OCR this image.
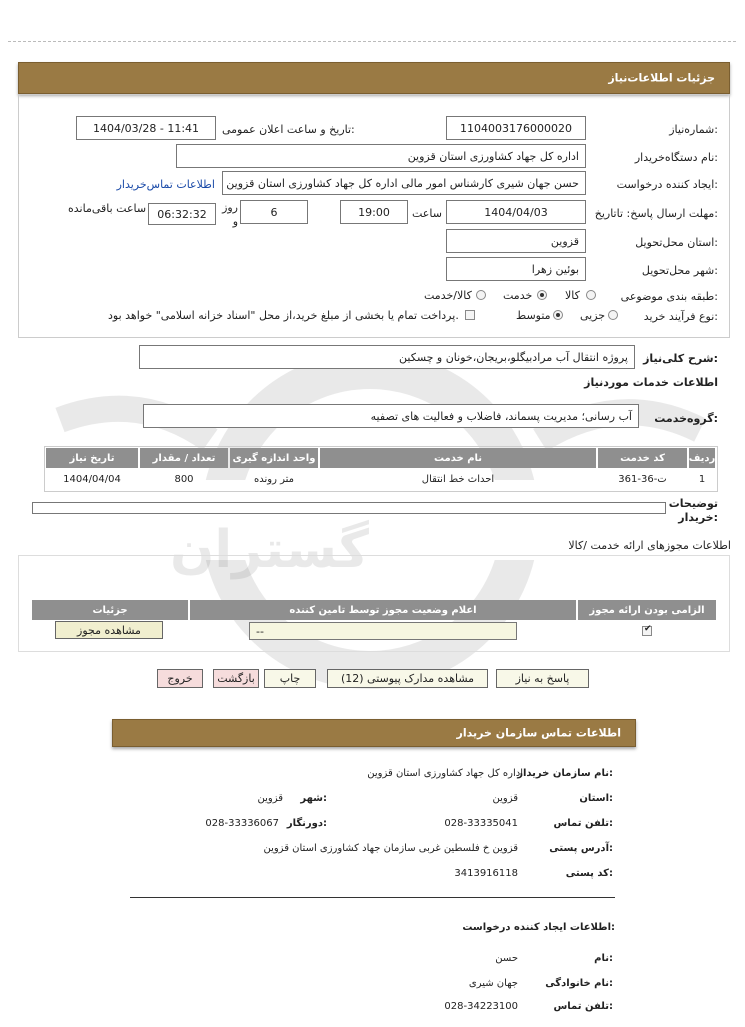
جزئیات اطلاعات‌نیاز
گستران
شماره‌نیاز:
1104003176000020
تاریخ و ساعت اعلان عمومی:
1404/03/28 - 11:41
نام دستگاه‌خریدار:
اداره کل جهاد کشاورزی استان قزوین
ایجاد کننده درخواست:
حسن جهان شیری کارشناس امور مالی اداره کل جهاد کشاورزی استان قزوین
اطلاعات تماس‌خریدار
مهلت ارسال پاسخ: تاتاریخ:
1404/04/03
ساعت
19:00
6
روز و
06:32:32
ساعت باقی‌مانده
استان محل‌تحویل:
قزوین
شهر محل‌تحویل:
بوئین زهرا
طبقه بندی موضوعی:
کالا
خدمت
کالا/خدمت
نوع فرآیند خرید:
جزیی
متوسط
پرداخت تمام یا بخشی از مبلغ خرید،از محل "اسناد خزانه اسلامی" خواهد بود.
شرح کلی‌نیاز:
پروژه انتقال آب مرادبیگلو،بریجان،خونان و چسکین
اطلاعات خدمات موردنیاز
گروه‌خدمت:
آب رسانی؛ مدیریت پسماند، فاضلاب و فعالیت های تصفیه
ردیف
کد خدمت
نام خدمت
واحد اندازه گیری
تعداد / مقدار
تاریخ نیاز
1
ت-36-361
احداث خط انتقال
متر رونده
800
1404/04/04
توضیحات خریدار:
اطلاعات مجوزهای ارائه خدمت /کالا
الزامی بودن ارائه مجوز
اعلام وضعیت مجوز توسط تامین کننده
جزئیات
✔
--
مشاهده مجوز
پاسخ به نیاز
مشاهده مدارک پیوستی (12)
چاپ
بازگشت
خروج
اطلاعات تماس سازمان خریدار
نام سازمان خریدار:
اداره کل جهاد کشاورزی استان قزوین
استان:
قزوین
شهر:
قزوین
تلفن تماس:
028-33335041
دورنگار:
028-33336067
آدرس پستی:
قزوین خ فلسطین غربی سازمان جهاد کشاورزی استان قزوین
کد پستی:
3413916118
اطلاعات ایجاد کننده درخواست:
نام:
حسن
نام خانوادگی:
جهان شیری
تلفن تماس:
028-34223100
